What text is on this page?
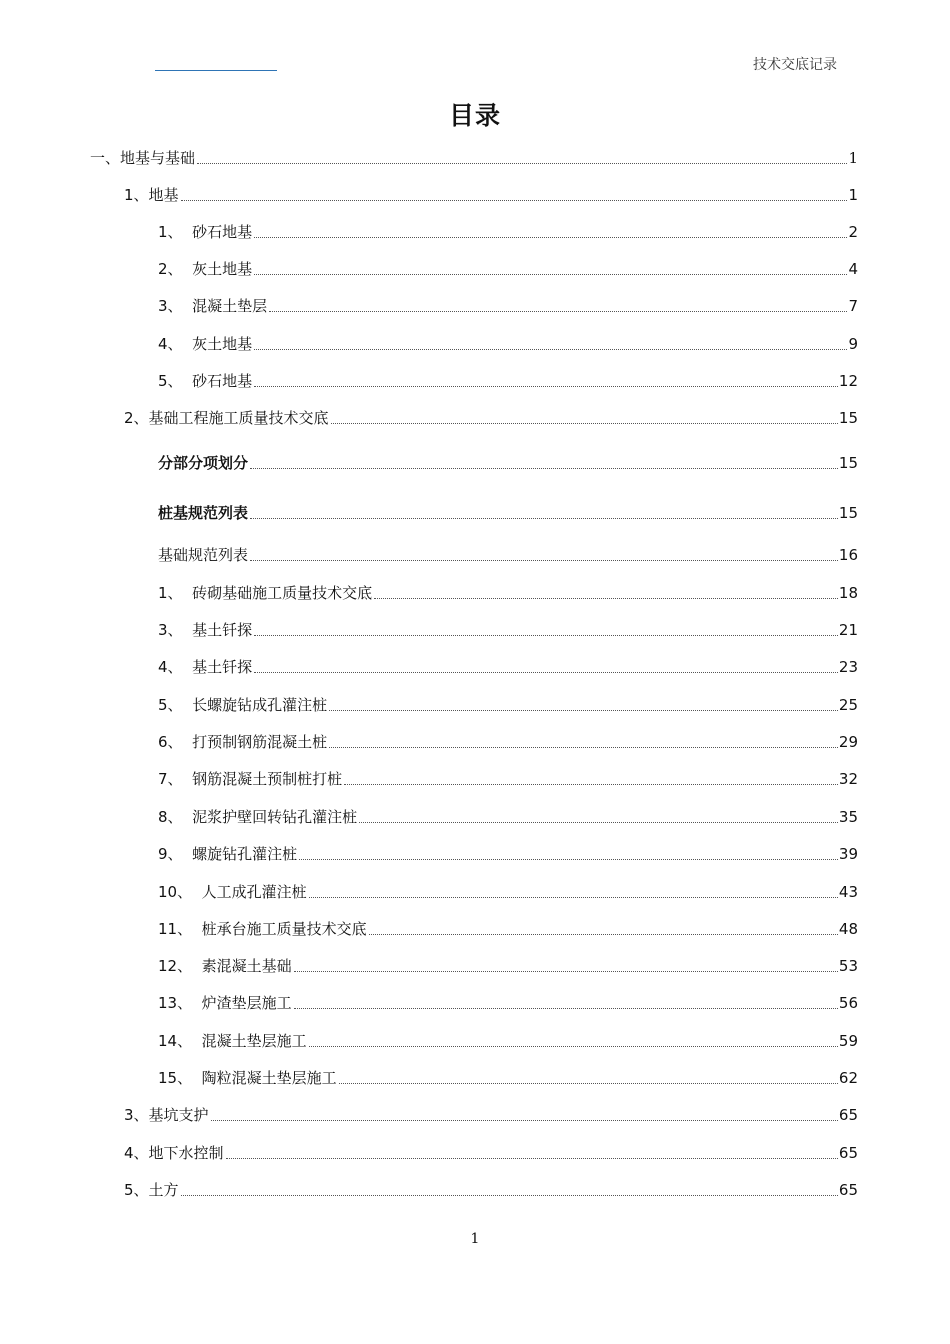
技术交底记录
目录
一、地基与基础	1
1、地基	1
1、  砂石地基	2
2、  灰土地基	4
3、  混凝土垫层	7
4、  灰土地基	9
5、  砂石地基	12
2、基础工程施工质量技术交底	15
分部分项划分	15
桩基规范列表	15
基础规范列表	16
1、  砖砌基础施工质量技术交底	18
3、  基土钎探	21
4、  基土钎探	23
5、  长螺旋钻成孔灌注桩	25
6、  打预制钢筋混凝土桩	29
7、  钢筋混凝土预制桩打桩	32
8、  泥浆护壁回转钻孔灌注桩	35
9、  螺旋钻孔灌注桩	39
10、  人工成孔灌注桩	43
11、  桩承台施工质量技术交底	48
12、  素混凝土基础	53
13、  炉渣垫层施工	56
14、  混凝土垫层施工	59
15、  陶粒混凝土垫层施工	62
3、基坑支护	65
4、地下水控制	65
5、土方	65
1
